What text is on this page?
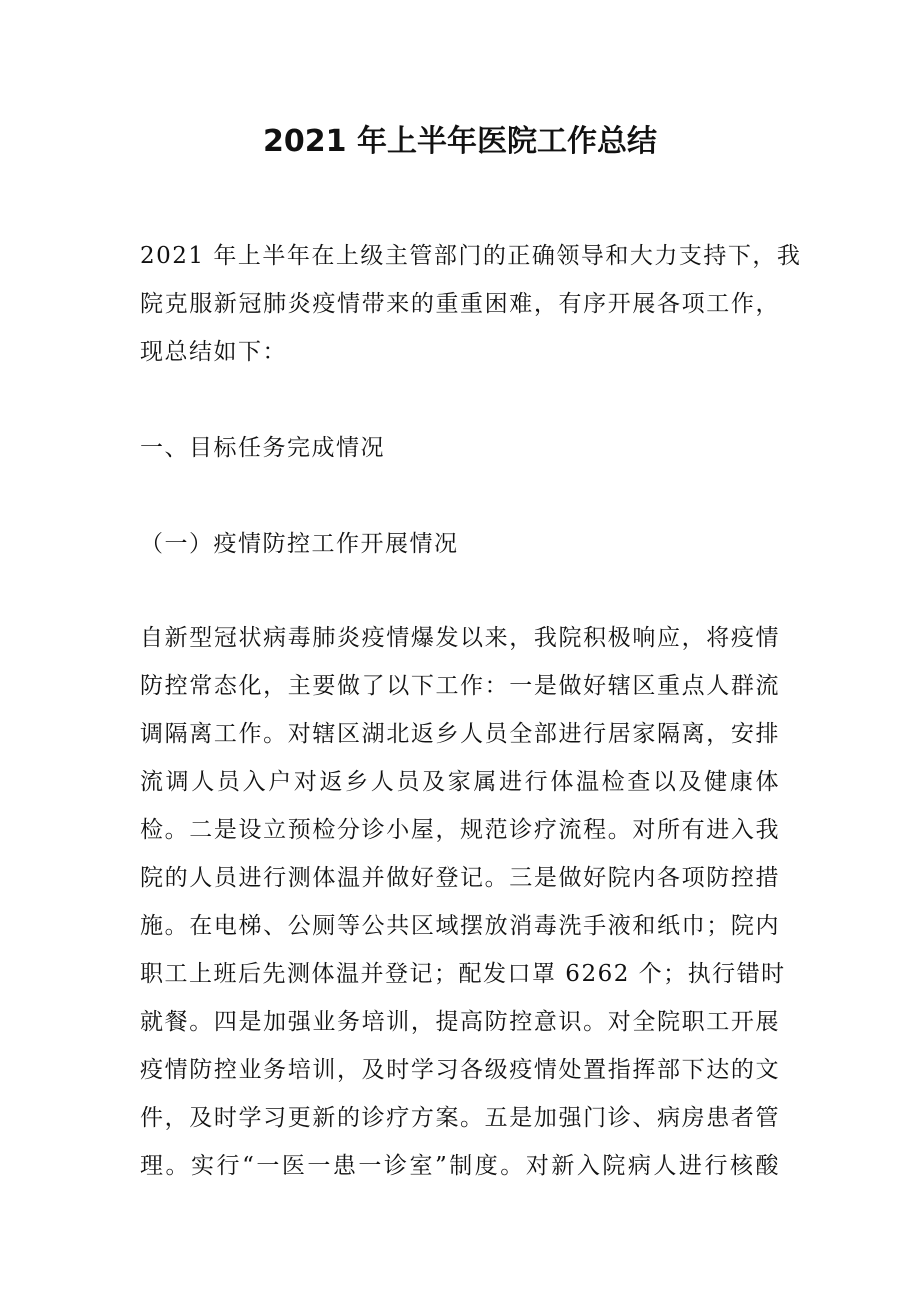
2021 年上半年医院工作总结
2021 年上半年在上级主管部门的正确领导和大力支持下，我
院克服新冠肺炎疫情带来的重重困难，有序开展各项工作，
现总结如下：
一、目标任务完成情况
（一）疫情防控工作开展情况
自新型冠状病毒肺炎疫情爆发以来，我院积极响应，将疫情
防控常态化，主要做了以下工作：一是做好辖区重点人群流
调隔离工作。对辖区湖北返乡人员全部进行居家隔离，安排
流调人员入户对返乡人员及家属进行体温检查以及健康体
检。二是设立预检分诊小屋，规范诊疗流程。对所有进入我
院的人员进行测体温并做好登记。三是做好院内各项防控措
施。在电梯、公厕等公共区域摆放消毒洗手液和纸巾；院内
职工上班后先测体温并登记；配发口罩 6262 个；执行错时
就餐。四是加强业务培训，提高防控意识。对全院职工开展
疫情防控业务培训，及时学习各级疫情处置指挥部下达的文
件，及时学习更新的诊疗方案。五是加强门诊、病房患者管
理。实行“一医一患一诊室”制度。对新入院病人进行核酸
